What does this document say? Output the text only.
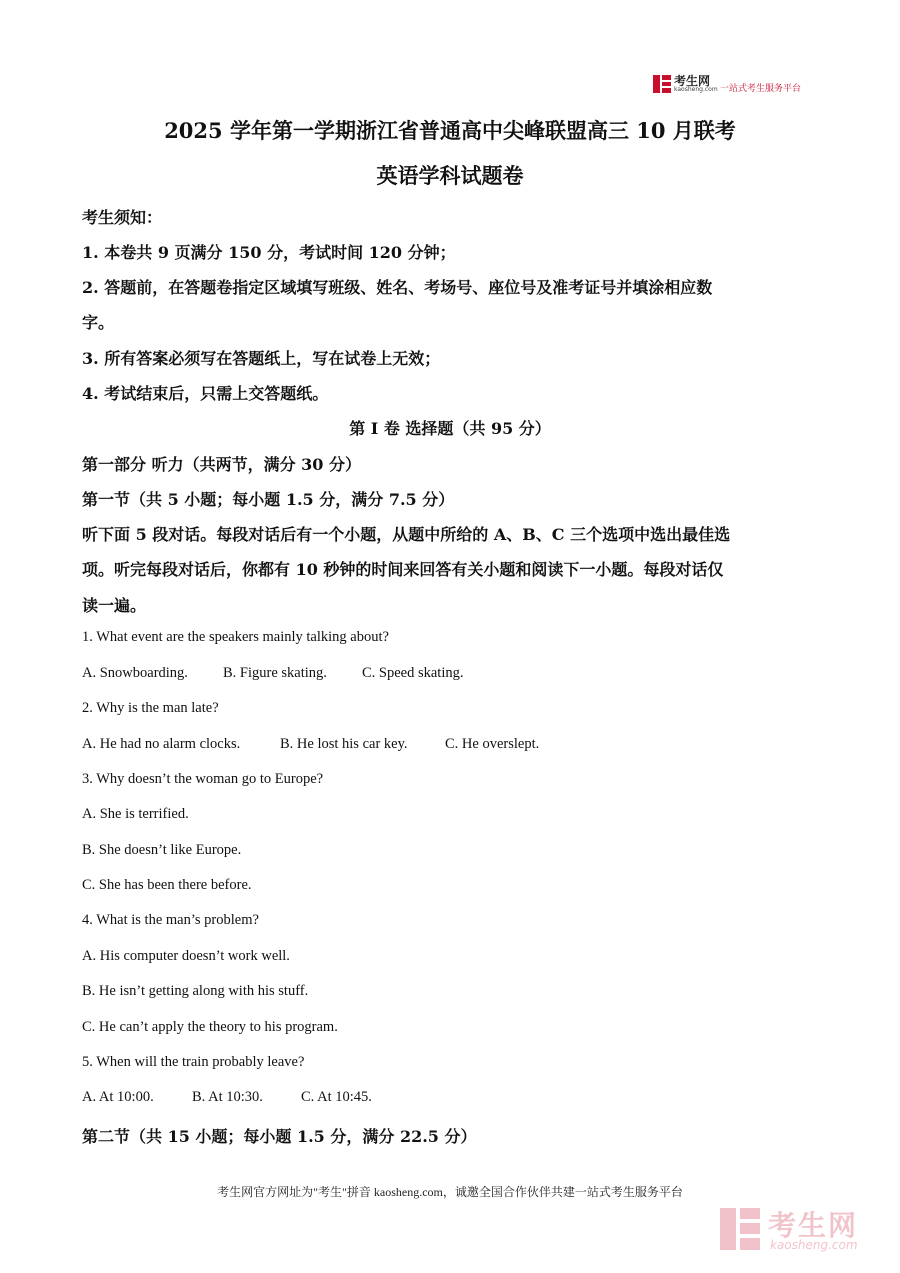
考生网
kaosheng.com 一站式考生服务平台
2025 学年第一学期浙江省普通高中尖峰联盟高三 10 月联考
英语学科试题卷
考生须知：
1. 本卷共 9 页满分 150 分，考试时间 120 分钟；
2. 答题前，在答题卷指定区域填写班级、姓名、考场号、座位号及准考证号并填涂相应数
字。
3. 所有答案必须写在答题纸上，写在试卷上无效；
4. 考试结束后，只需上交答题纸。
第 I 卷 选择题（共 95 分）
第一部分 听力（共两节，满分 30 分）
第一节（共 5 小题；每小题 1.5 分，满分 7.5 分）
听下面 5 段对话。每段对话后有一个小题，从题中所给的 A、B、C 三个选项中选出最佳选
项。听完每段对话后，你都有 10 秒钟的时间来回答有关小题和阅读下一小题。每段对话仅
读一遍。
1. What event are the speakers mainly talking about?
A. Snowboarding. B. Figure skating. C. Speed skating.
2. Why is the man late?
A. He had no alarm clocks.	B. He lost his car key.	C. He overslept.
3. Why doesn’t the woman go to Europe?
A. She is terrified.
B. She doesn’t like Europe.
C. She has been there before.
4. What is the man’s problem?
A. His computer doesn’t work well.
B. He isn’t getting along with his stuff.
C. He can’t apply the theory to his program.
5. When will the train probably leave?
A. At 10:00.	B. At 10:30.	C. At 10:45.
第二节（共 15 小题；每小题 1.5 分，满分 22.5 分）
考生网官方网址为"考生"拼音 kaosheng.com，诚邀全国合作伙伴共建一站式考生服务平台
考生网
kaosheng.com
